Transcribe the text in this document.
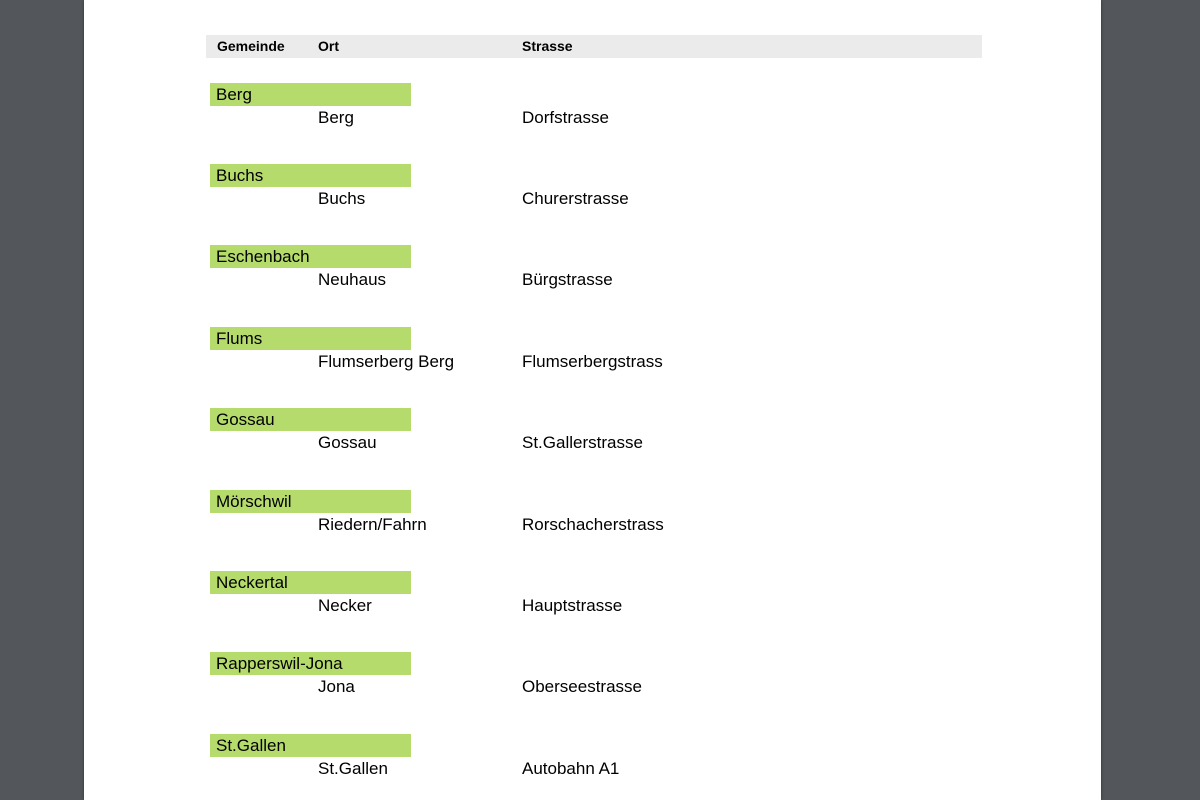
Gemeinde Ort	Strasse
Berg
Berg	Dorfstrasse
Buchs
Buchs	Churerstrasse
Eschenbach
Neuhaus	Bürgstrasse
Flums
Flumserberg Berg	Flumserbergstrass
Gossau
Gossau	St.Gallerstrasse
Mörschwil
Riedern/Fahrn	Rorschacherstrass
Neckertal
Necker	Hauptstrasse
Rapperswil-Jona
Jona	Oberseestrasse
St.Gallen
St.Gallen	Autobahn A1
